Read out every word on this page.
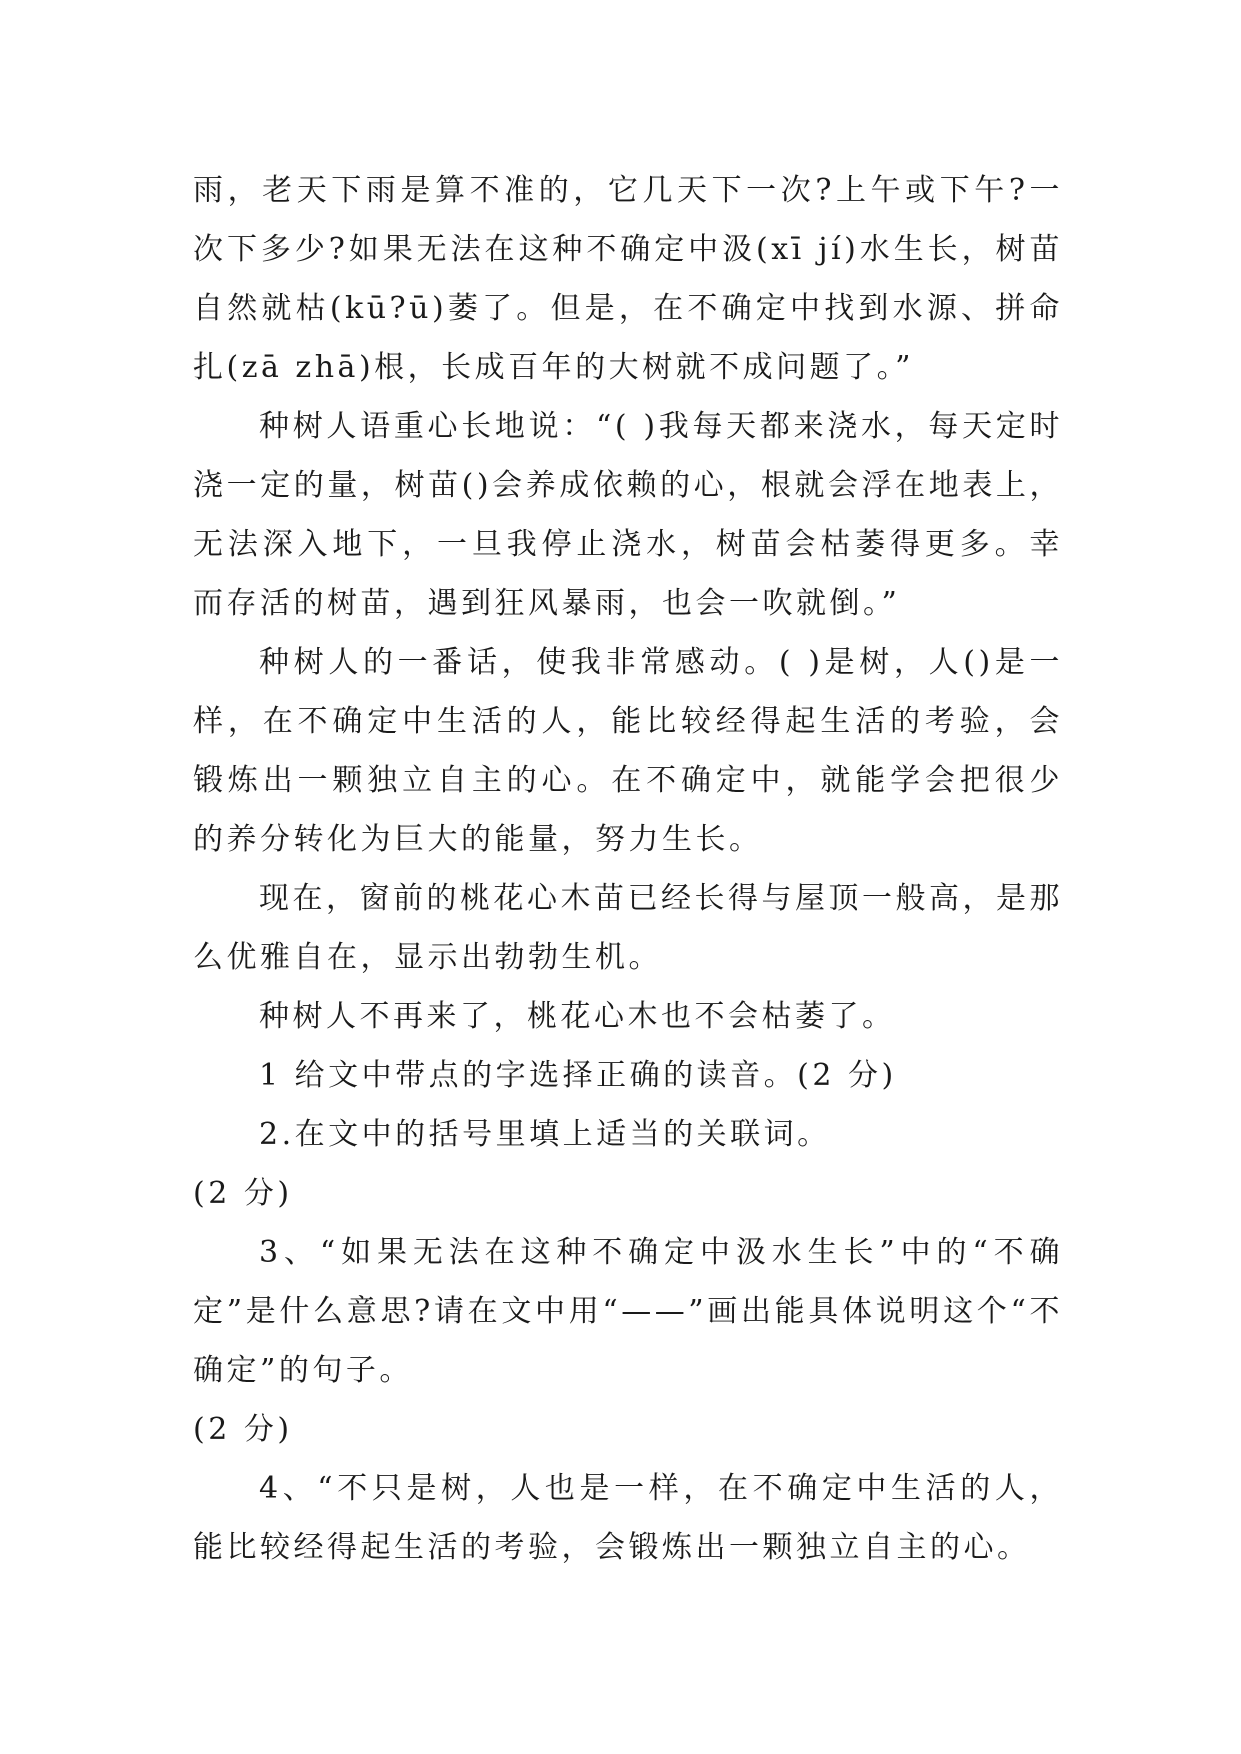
雨，老天下雨是算不准的，它几天下一次?上午或下午?一次下多少?如果无法在这种不确定中汲(xī jí)水生长，树苗自然就枯(kū?ū)萎了。但是，在不确定中找到水源、拼命扎(zā zhā)根，长成百年的大树就不成问题了。”

种树人语重心长地说：“( )我每天都来浇水，每天定时浇一定的量，树苗()会养成依赖的心，根就会浮在地表上，无法深入地下，一旦我停止浇水，树苗会枯萎得更多。幸而存活的树苗，遇到狂风暴雨，也会一吹就倒。”

种树人的一番话，使我非常感动。( )是树，人()是一样，在不确定中生活的人，能比较经得起生活的考验，会锻炼出一颗独立自主的心。在不确定中，就能学会把很少的养分转化为巨大的能量，努力生长。

现在，窗前的桃花心木苗已经长得与屋顶一般高，是那么优雅自在，显示出勃勃生机。

种树人不再来了，桃花心木也不会枯萎了。

1 给文中带点的字选择正确的读音。(2 分)

2.在文中的括号里填上适当的关联词。

(2 分)

3、“如果无法在这种不确定中汲水生长”中的“不确定”是什么意思?请在文中用“——”画出能具体说明这个“不确定”的句子。

(2 分)

4、“不只是树，人也是一样，在不确定中生活的人，能比较经得起生活的考验，会锻炼出一颗独立自主的心。
